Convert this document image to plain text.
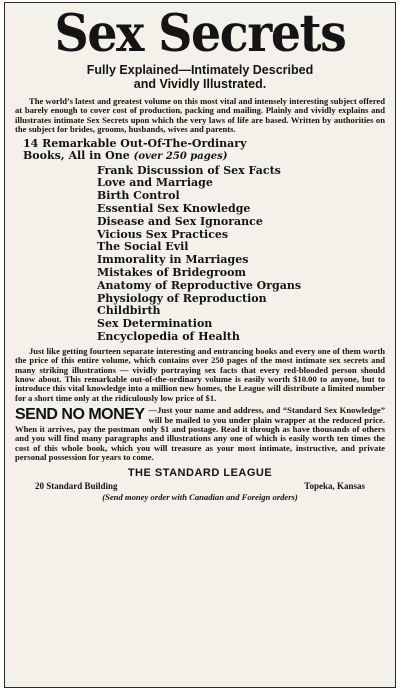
Sex Secrets
Fully Explained—Intimately Described
and Vividly Illustrated.

The world’s latest and greatest volume on this most vital and intensely interesting subject offered at barely enough to cover cost of production, packing and mailing. Plainly and vividly explains and illustrates intimate Sex Secrets upon which the very laws of life are based. Written by authorities on the subject for brides, grooms, husbands, wives and parents.

14 Remarkable Out-Of-The-Ordinary
Books, All in One (over 250 pages)
Frank Discussion of Sex Facts
Love and Marriage
Birth Control
Essential Sex Knowledge
Disease and Sex Ignorance
Vicious Sex Practices
The Social Evil
Immorality in Marriages
Mistakes of Bridegroom
Anatomy of Reproductive Organs
Physiology of Reproduction
Childbirth
Sex Determination
Encyclopedia of Health

Just like getting fourteen separate interesting and entrancing books and every one of them worth the price of this entire volume, which contains over 250 pages of the most intimate sex secrets and many striking illustrations — vividly portraying sex facts that every red-blooded person should know about. This remarkable out-of-the-ordinary volume is easily worth $10.00 to anyone, but to introduce this vital knowledge into a million new homes, the League will distribute a limited number for a short time only at the ridiculously low price of $1.

SEND NO MONEY —Just your name and address, and “Standard Sex Knowledge” will be mailed to you under plain wrapper at the reduced price. When it arrives, pay the postman only $1 and postage. Read it through as have thousands of others and you will find many paragraphs and illustrations any one of which is easily worth ten times the cost of this whole book, which you will treasure as your most intimate, instructive, and private personal possession for years to come.

THE STANDARD LEAGUE
20 Standard Building	Topeka, Kansas
(Send money order with Canadian and Foreign orders)
